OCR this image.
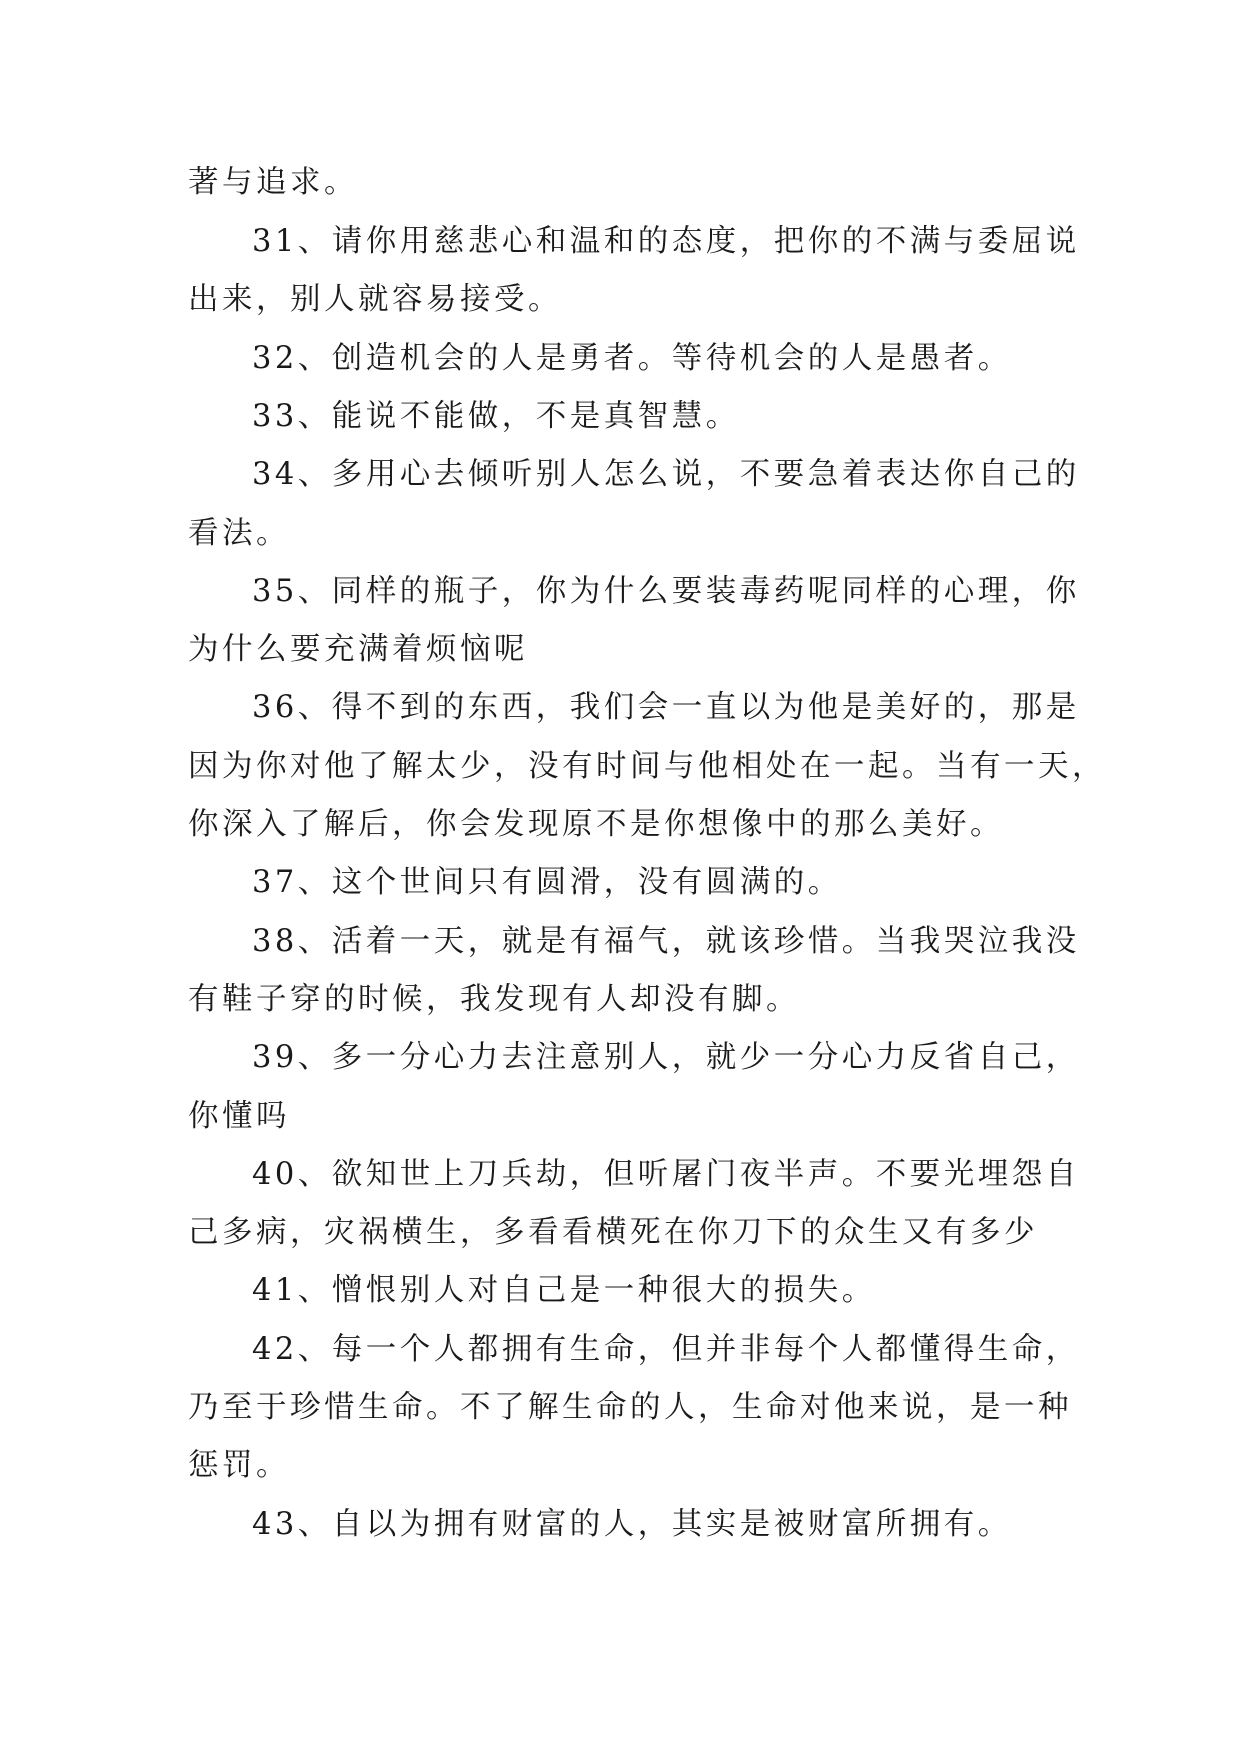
著与追求。
31、请你用慈悲心和温和的态度，把你的不满与委屈说
出来，别人就容易接受。
32、创造机会的人是勇者。等待机会的人是愚者。
33、能说不能做，不是真智慧。
34、多用心去倾听别人怎么说，不要急着表达你自己的
看法。
35、同样的瓶子，你为什么要装毒药呢同样的心理，你
为什么要充满着烦恼呢
36、得不到的东西，我们会一直以为他是美好的，那是
因为你对他了解太少，没有时间与他相处在一起。当有一天，
你深入了解后，你会发现原不是你想像中的那么美好。
37、这个世间只有圆滑，没有圆满的。
38、活着一天，就是有福气，就该珍惜。当我哭泣我没
有鞋子穿的时候，我发现有人却没有脚。
39、多一分心力去注意别人，就少一分心力反省自己，
你懂吗
40、欲知世上刀兵劫，但听屠门夜半声。不要光埋怨自
己多病，灾祸横生，多看看横死在你刀下的众生又有多少
41、憎恨别人对自己是一种很大的损失。
42、每一个人都拥有生命，但并非每个人都懂得生命，
乃至于珍惜生命。不了解生命的人，生命对他来说，是一种
惩罚。
43、自以为拥有财富的人，其实是被财富所拥有。
